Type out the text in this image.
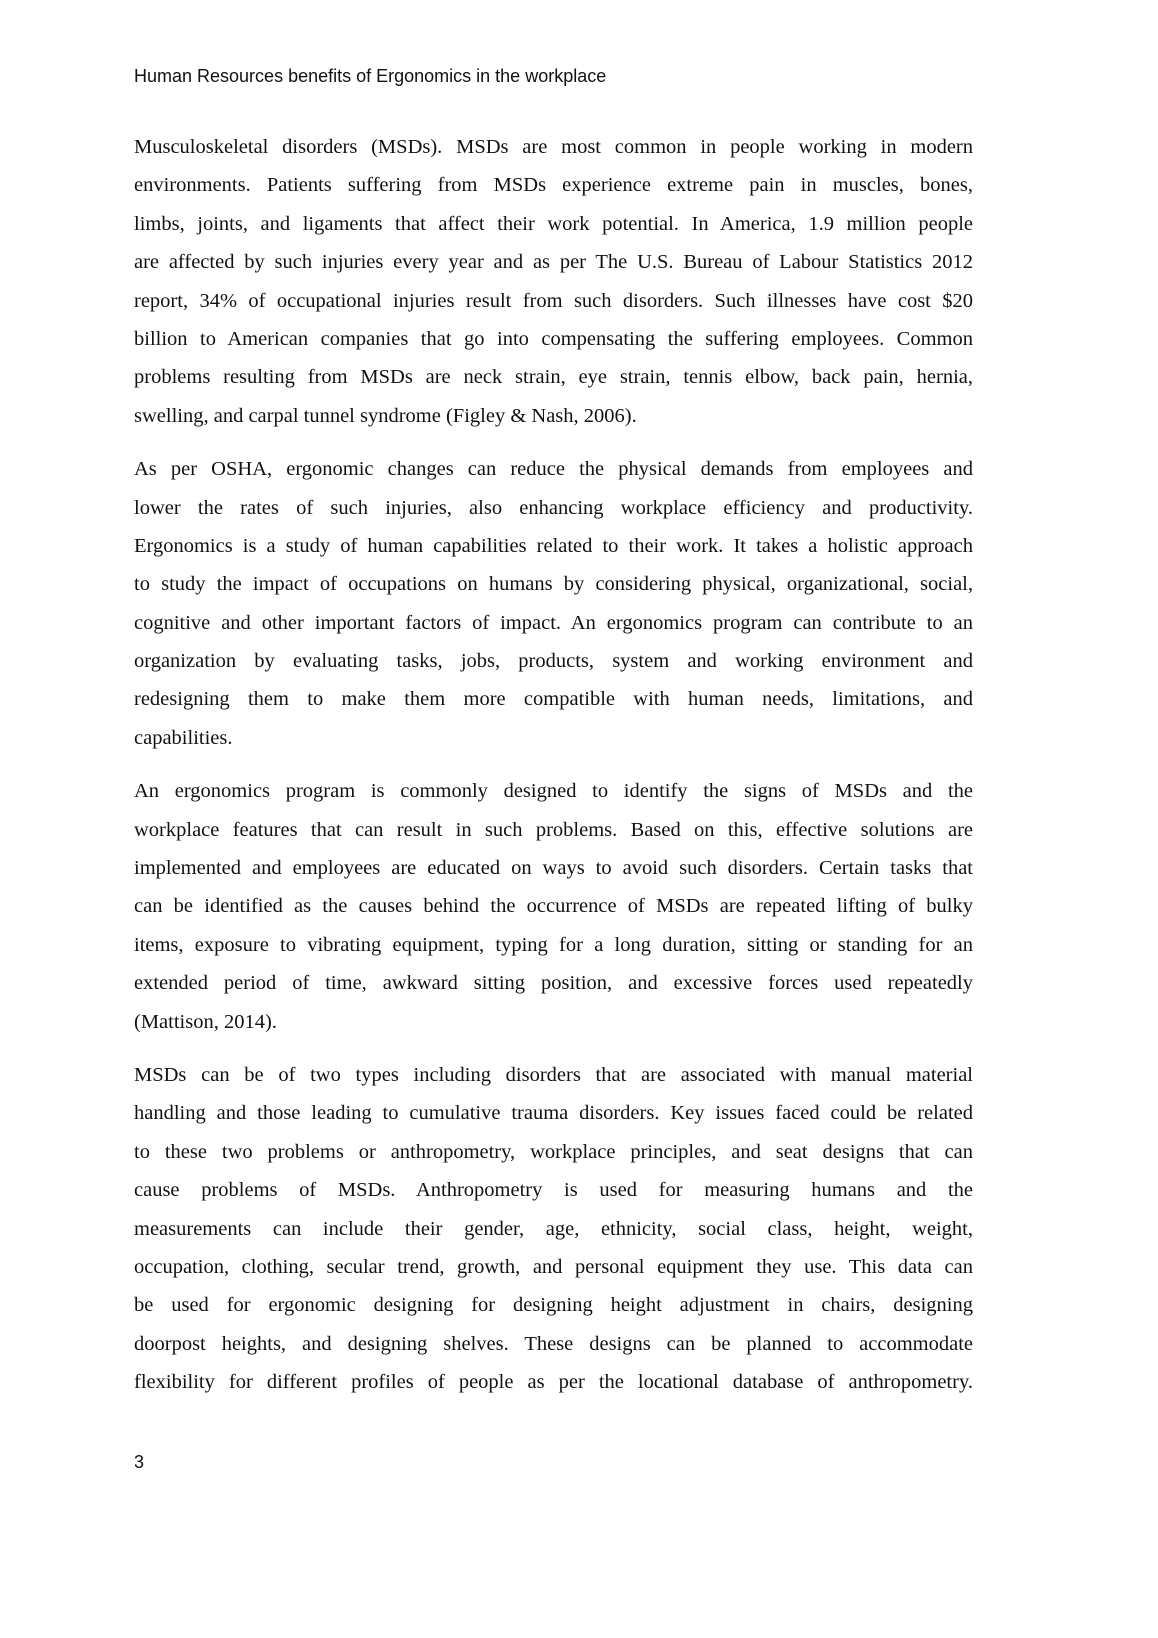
Human Resources benefits of Ergonomics in the workplace
Musculoskeletal disorders (MSDs). MSDs are most common in people working in modern
environments. Patients suffering from MSDs experience extreme pain in muscles, bones,
limbs, joints, and ligaments that affect their work potential. In America, 1.9 million people
are affected by such injuries every year and as per The U.S. Bureau of Labour Statistics 2012
report, 34% of occupational injuries result from such disorders. Such illnesses have cost $20
billion to American companies that go into compensating the suffering employees. Common
problems resulting from MSDs are neck strain, eye strain, tennis elbow, back pain, hernia,
swelling, and carpal tunnel syndrome (Figley & Nash, 2006).
As per OSHA, ergonomic changes can reduce the physical demands from employees and
lower the rates of such injuries, also enhancing workplace efficiency and productivity.
Ergonomics is a study of human capabilities related to their work. It takes a holistic approach
to study the impact of occupations on humans by considering physical, organizational, social,
cognitive and other important factors of impact. An ergonomics program can contribute to an
organization by evaluating tasks, jobs, products, system and working environment and
redesigning them to make them more compatible with human needs, limitations, and
capabilities.
An ergonomics program is commonly designed to identify the signs of MSDs and the
workplace features that can result in such problems. Based on this, effective solutions are
implemented and employees are educated on ways to avoid such disorders. Certain tasks that
can be identified as the causes behind the occurrence of MSDs are repeated lifting of bulky
items, exposure to vibrating equipment, typing for a long duration, sitting or standing for an
extended period of time, awkward sitting position, and excessive forces used repeatedly
(Mattison, 2014).
MSDs can be of two types including disorders that are associated with manual material
handling and those leading to cumulative trauma disorders. Key issues faced could be related
to these two problems or anthropometry, workplace principles, and seat designs that can
cause problems of MSDs. Anthropometry is used for measuring humans and the
measurements can include their gender, age, ethnicity, social class, height, weight,
occupation, clothing, secular trend, growth, and personal equipment they use. This data can
be used for ergonomic designing for designing height adjustment in chairs, designing
doorpost heights, and designing shelves. These designs can be planned to accommodate
flexibility for different profiles of people as per the locational database of anthropometry.
3
